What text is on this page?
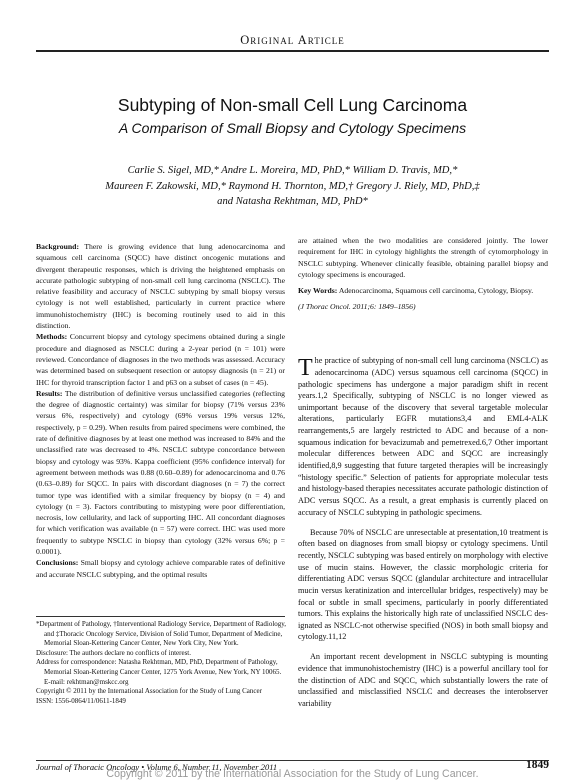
Original Article
Subtyping of Non-small Cell Lung Carcinoma
A Comparison of Small Biopsy and Cytology Specimens
Carlie S. Sigel, MD,* Andre L. Moreira, MD, PhD,* William D. Travis, MD,*
Maureen F. Zakowski, MD,* Raymond H. Thornton, MD,† Gregory J. Riely, MD, PhD,‡
and Natasha Rekhtman, MD, PhD*

Background: There is growing evidence that lung adenocarcinoma and squamous cell carcinoma (SQCC) have distinct oncogenic mutations and divergent therapeutic responses, which is driving the heightened emphasis on accurate pathologic subtyping of non-small cell lung carcinoma (NSCLC). The relative feasibility and accuracy of NSCLC subtyping by small biopsy versus cytology is not well established, particularly in current practice where immunohistochemistry (IHC) is becoming routinely used to aid in this distinction.

Methods: Concurrent biopsy and cytology specimens obtained during a single procedure and diagnosed as NSCLC during a 2-year period (n = 101) were reviewed. Concordance of diagnoses in the two methods was assessed. Accuracy was determined based on subsequent resection or autopsy diagnosis (n = 21) or IHC for thyroid transcription factor 1 and p63 on a subset of cases (n = 45).

Results: The distribution of definitive versus unclassified categories (reflecting the degree of diagnostic certainty) was similar for biopsy (71% versus 23% versus 6%, respectively) and cytology (69% versus 19% versus 12%, respectively, p = 0.29). When results from paired specimens were combined, the rate of definitive diagnoses by at least one method was increased to 84% and the unclassified rate was decreased to 4%. NSCLC subtype concordance between biopsy and cytology was 93%. Kappa coefficient (95% confidence interval) for agreement between methods was 0.88 (0.60–0.89) for adenocarcinoma and 0.76 (0.63–0.89) for SQCC. In pairs with discordant diagnoses (n = 7) the correct tumor type was identified with a similar frequency by biopsy (n = 4) and cytology (n = 3). Factors contributing to mistyping were poor differentiation, necrosis, low cellularity, and lack of supporting IHC. All concordant diagnoses for which verification was available (n = 57) were correct. IHC was used more frequently to subtype NSCLC in biopsy than cytology (32% versus 6%; p = 0.0001).

Conclusions: Small biopsy and cytology achieve comparable rates of definitive and accurate NSCLC subtyping, and the optimal results

are attained when the two modalities are considered jointly. The lower requirement for IHC in cytology highlights the strength of cytomorphology in NSCLC subtyping. Whenever clinically feasible, obtaining parallel biopsy and cytology specimens is encouraged.

Key Words: Adenocarcinoma, Squamous cell carcinoma, Cytology, Biopsy.

(J Thorac Oncol. 2011;6: 1849–1856)

The practice of subtyping of non-small cell lung carcinoma (NSCLC) as adenocarcinoma (ADC) versus squamous cell carcinoma (SQCC) in pathologic specimens has undergone a major paradigm shift in recent years.1,2 Specifically, subtyping of NSCLC is no longer viewed as unimportant because of the discovery that several targetable molecular alterations, particularly EGFR mutations3,4 and EML4-ALK rearrangements,5 are largely restricted to ADC and because of a non-squamous indication for bevacizumab and pemetrexed.6,7 Other important molecular differences between ADC and SQCC are increasingly identified,8,9 suggesting that future targeted therapies will be increasingly “histology specific.” Selection of patients for appropriate molecular tests and histology-based therapies necessitates accurate pathologic distinction of ADC versus SQCC. As a result, a great emphasis is currently placed on accuracy of NSCLC subtyping in pathologic specimens.

Because 70% of NSCLC are unresectable at presentation,10 treatment is often based on diagnoses from small biopsy or cytology specimens. Until recently, NSCLC subtyping was based entirely on morphology with elective use of mucin stains. However, the classic morphologic criteria for differentiating ADC versus SQCC (glandular architecture and intracellular mucin versus keratinization and intercellular bridges, respectively) may be focal or subtle in small specimens, particularly in poorly differentiated tumors. This explains the historically high rate of unclassified NSCLC designated as NSCLC-not otherwise specified (NOS) in both small biopsy and cytology.11,12

An important recent development in NSCLC subtyping is mounting evidence that immunohistochemistry (IHC) is a powerful ancillary tool for the distinction of ADC and SQCC, which substantially lowers the rate of unclassified and misclassified NSCLC and decreases the interobserver variability

*Department of Pathology, †Interventional Radiology Service, Department of Radiology, and ‡Thoracic Oncology Service, Division of Solid Tumor, Department of Medicine, Memorial Sloan-Kettering Cancer Center, New York City, New York.

Disclosure: The authors declare no conflicts of interest.

Address for correspondence: Natasha Rekhtman, MD, PhD, Department of Pathology, Memorial Sloan-Kettering Cancer Center, 1275 York Avenue, New York, NY 10065. E-mail: rekhtman@mskcc.org

Copyright © 2011 by the International Association for the Study of Lung Cancer

ISSN: 1556-0864/11/0611-1849

Journal of Thoracic Oncology • Volume 6, Number 11, November 2011	1849
Copyright © 2011 by the International Association for the Study of Lung Cancer.
